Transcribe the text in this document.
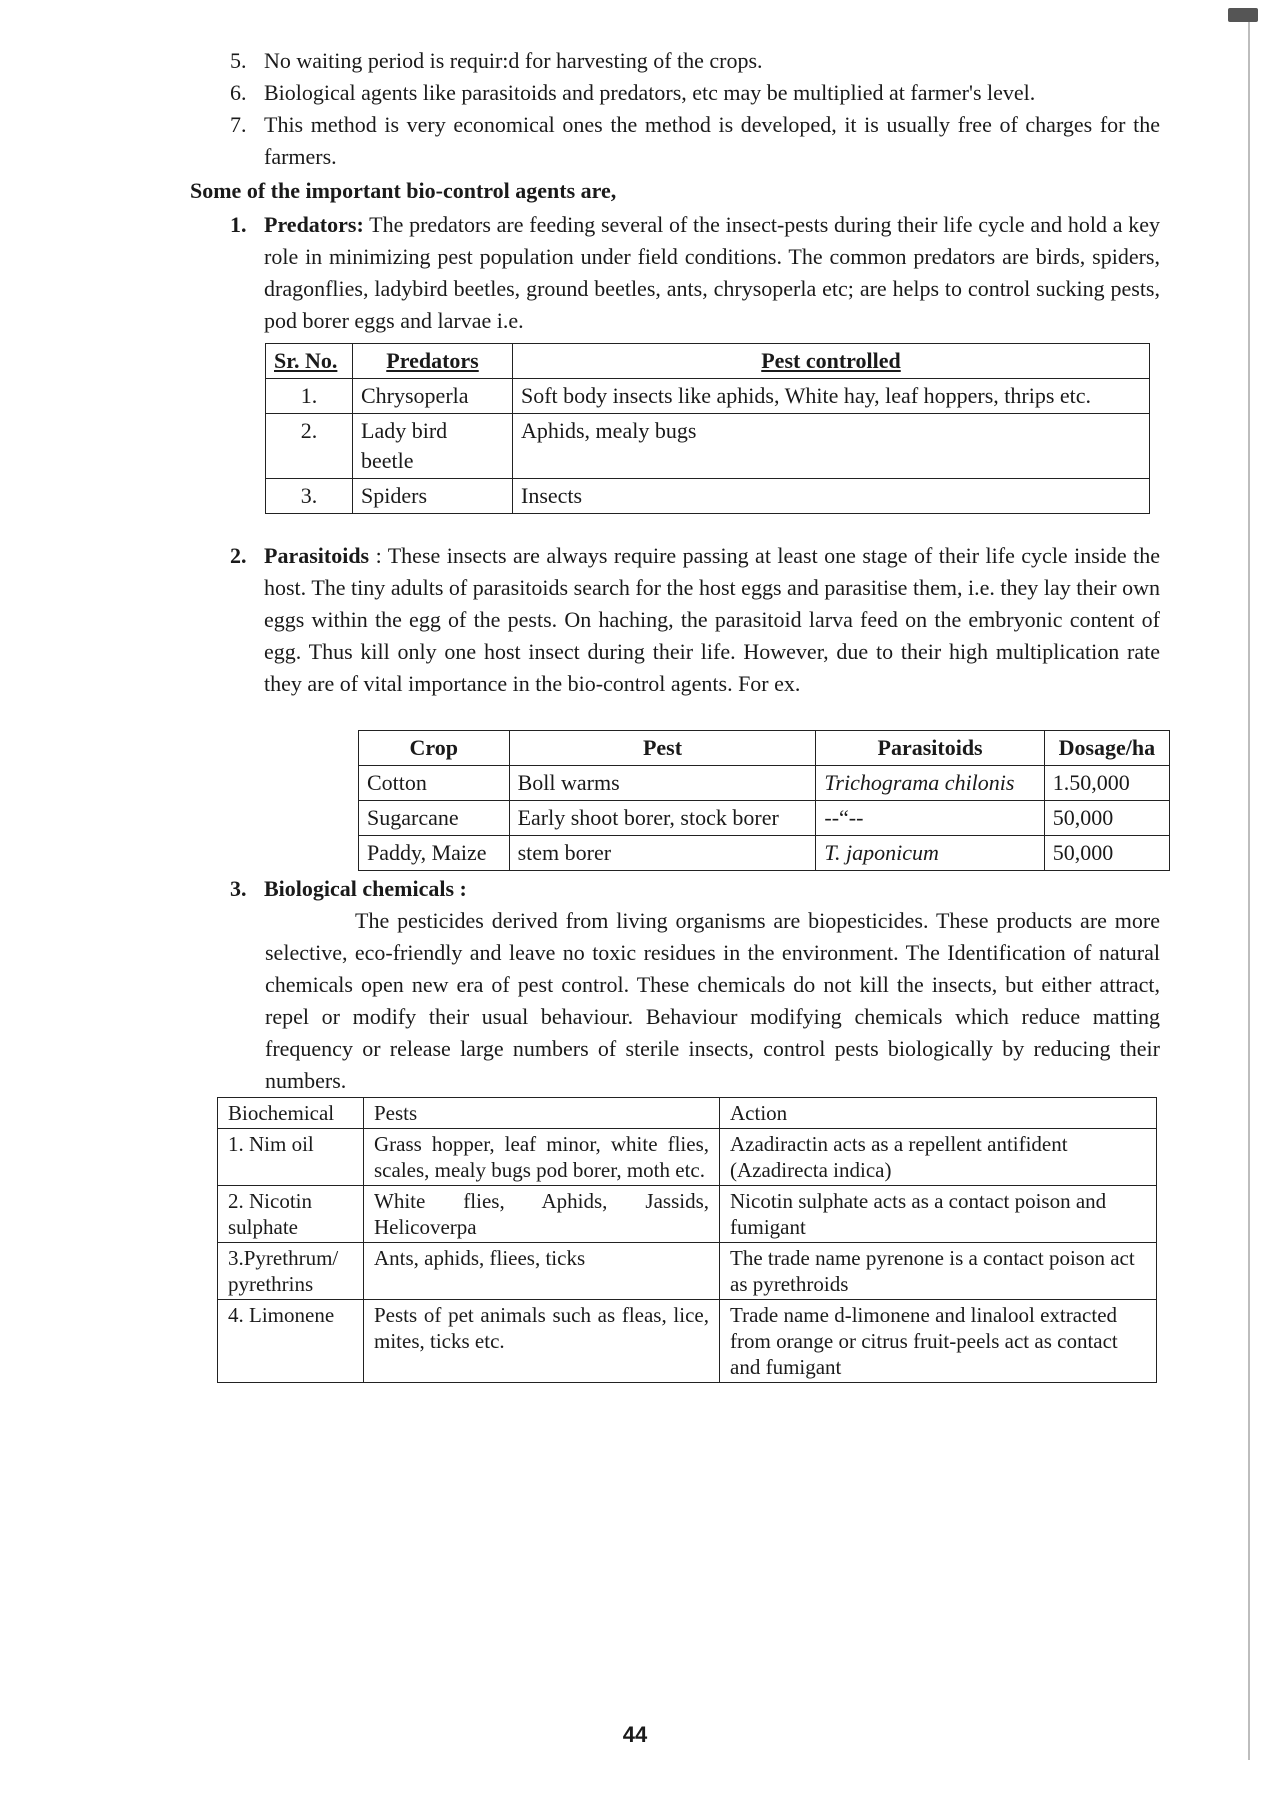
5. No waiting period is requir:d for harvesting of the crops.
6. Biological agents like parasitoids and predators, etc may be multiplied at farmer's level.
7. This method is very economical ones the method is developed, it is usually free of charges for the farmers.
Some of the important bio-control agents are,
1. Predators: The predators are feeding several of the insect-pests during their life cycle and hold a key role in minimizing pest population under field conditions. The common predators are birds, spiders, dragonflies, ladybird beetles, ground beetles, ants, chrysoperla etc; are helps to control sucking pests, pod borer eggs and larvae i.e.
Sr. No.	Predators	Pest controlled
1.	Chrysoperla	Soft body insects like aphids, White hay, leaf hoppers, thrips etc.
2.	Lady bird beetle	Aphids, mealy bugs
3.	Spiders	Insects
2. Parasitoids : These insects are always require passing at least one stage of their life cycle inside the host. The tiny adults of parasitoids search for the host eggs and parasitise them, i.e. they lay their own eggs within the egg of the pests. On haching, the parasitoid larva feed on the embryonic content of egg. Thus kill only one host insect during their life. However, due to their high multiplication rate they are of vital importance in the bio-control agents. For ex.
Crop	Pest	Parasitoids	Dosage/ha
Cotton	Boll warms	Trichograma chilonis	1.50,000
Sugarcane	Early shoot borer, stock borer	--“--	50,000
Paddy, Maize	stem borer	T. japonicum	50,000
3. Biological chemicals :
The pesticides derived from living organisms are biopesticides. These products are more selective, eco-friendly and leave no toxic residues in the environment. The Identification of natural chemicals open new era of pest control. These chemicals do not kill the insects, but either attract, repel or modify their usual behaviour. Behaviour modifying chemicals which reduce matting frequency or release large numbers of sterile insects, control pests biologically by reducing their numbers.
Biochemical	Pests	Action
1. Nim oil	Grass hopper, leaf minor, white flies, scales, mealy bugs pod borer, moth etc.	Azadiractin acts as a repellent antifident (Azadirecta indica)
2. Nicotin sulphate	White flies, Aphids, Jassids, Helicoverpa	Nicotin sulphate acts as a contact poison and fumigant
3.Pyrethrum/ pyrethrins	Ants, aphids, fliees, ticks	The trade name pyrenone is a contact poison act as pyrethroids
4. Limonene	Pests of pet animals such as fleas, lice, mites, ticks etc.	Trade name d-limonene and linalool extracted from orange or citrus fruit-peels act as contact and fumigant
44
